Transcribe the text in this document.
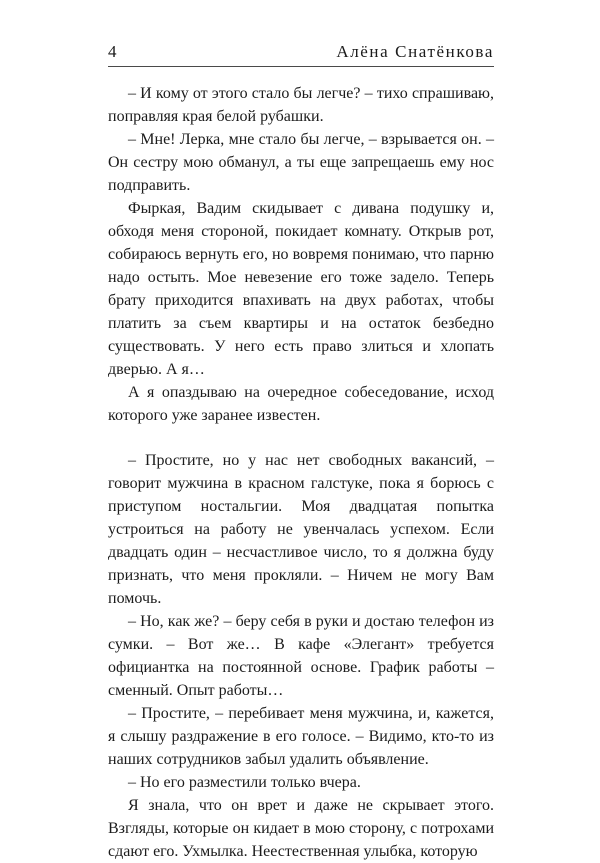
4	Алёна Снатёнкова

– И кому от этого стало бы легче? – тихо спрашиваю, поправляя края белой рубашки.

– Мне! Лерка, мне стало бы легче, – взрывается он. – Он сестру мою обманул, а ты еще запрещаешь ему нос подправить.

Фыркая, Вадим скидывает с дивана подушку и, обходя меня стороной, покидает комнату. Открыв рот, собираюсь вернуть его, но вовремя понимаю, что парню надо остыть. Мое невезение его тоже задело. Теперь брату приходится впахивать на двух работах, чтобы платить за съем квартиры и на остаток безбедно существовать. У него есть право злиться и хлопать дверью. А я…

А я опаздываю на очередное собеседование, исход которого уже заранее известен.

– Простите, но у нас нет свободных вакансий, – говорит мужчина в красном галстуке, пока я борюсь с приступом ностальгии. Моя двадцатая попытка устроиться на работу не увенчалась успехом. Если двадцать один – несчастливое число, то я должна буду признать, что меня прокляли. – Ничем не могу Вам помочь.

– Но, как же? – беру себя в руки и достаю телефон из сумки. – Вот же… В кафе «Элегант» требуется официантка на постоянной основе. График работы – сменный. Опыт работы…

– Простите, – перебивает меня мужчина, и, кажется, я слышу раздражение в его голосе. – Видимо, кто-то из наших сотрудников забыл удалить объявление.

– Но его разместили только вчера.

Я знала, что он врет и даже не скрывает этого. Взгляды, которые он кидает в мою сторону, с потрохами сдают его. Ухмылка. Неестественная улыбка, которую
